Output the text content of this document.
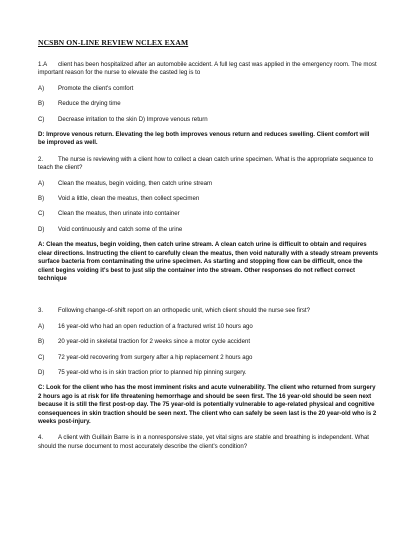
NCSBN ON-LINE REVIEW NCLEX EXAM

1.A client has been hospitalized after an automobile accident. A full leg cast was applied in the emergency room. The most important reason for the nurse to elevate the casted leg is to

A)	Promote the client's comfort
B)	Reduce the drying time
C)	Decrease irritation to the skin D) Improve venous return

D: Improve venous return. Elevating the leg both improves venous return and reduces swelling. Client comfort will be improved as well.

2. The nurse is reviewing with a client how to collect a clean catch urine specimen. What is the appropriate sequence to teach the client?

A)	Clean the meatus, begin voiding, then catch urine stream
B)	Void a little, clean the meatus, then collect specimen
C)	Clean the meatus, then urinate into container
D)	Void continuously and catch some of the urine

A: Clean the meatus, begin voiding, then catch urine stream. A clean catch urine is difficult to obtain and requires clear directions. Instructing the client to carefully clean the meatus, then void naturally with a steady stream prevents surface bacteria from contaminating the urine specimen. As starting and stopping flow can be difficult, once the client begins voiding it's best to just slip the container into the stream. Other responses do not reflect correct technique

3. Following change-of-shift report on an orthopedic unit, which client should the nurse see first?

A)	16 year-old who had an open reduction of a fractured wrist 10 hours ago
B)	20 year-old in skeletal traction for 2 weeks since a motor cycle accident
C)	72 year-old recovering from surgery after a hip replacement 2 hours ago
D)	75 year-old who is in skin traction prior to planned hip pinning surgery.

C: Look for the client who has the most imminent risks and acute vulnerability. The client who returned from surgery 2 hours ago is at risk for life threatening hemorrhage and should be seen first. The 16 year-old should be seen next because it is still the first post-op day. The 75 year-old is potentially vulnerable to age-related physical and cognitive consequences in skin traction should be seen next. The client who can safely be seen last is the 20 year-old who is 2 weeks post-injury.

4. A client with Guillain Barre is in a nonresponsive state, yet vital signs are stable and breathing is independent. What should the nurse document to most accurately describe the client's condition?
